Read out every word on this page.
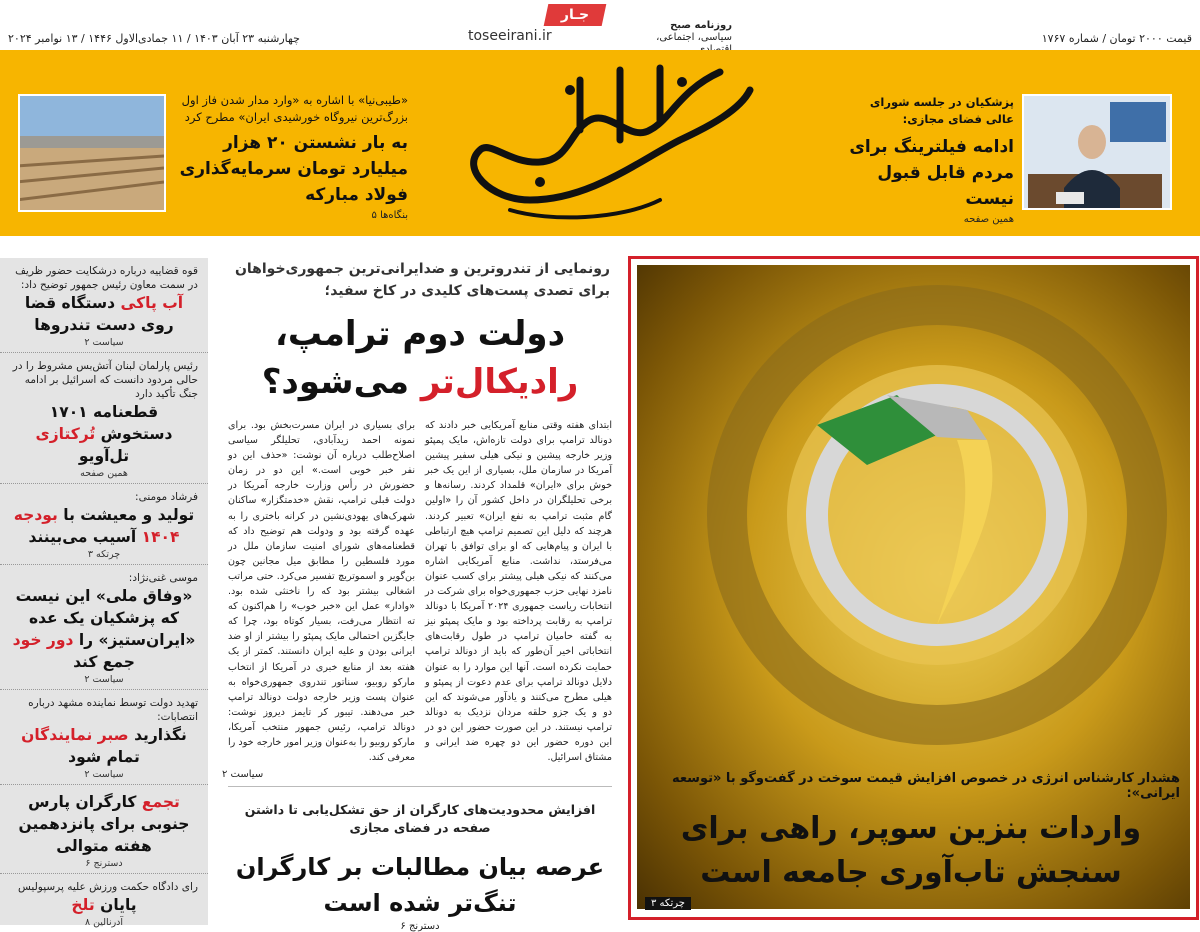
قیمت ۲۰۰۰ تومان / شماره ۱۷۶۷
چهارشنبه ۲۳ آبان ۱۴۰۳ / ۱۱ جمادی‌الاول ۱۴۴۶ / ۱۳ نوامبر ۲۰۲۴
جـار
toseeirani.ir
روزنامه صبح
سیاسی، اجتماعی،
پزشکیان در جلسه شورای عالی فضای مجازی:
ادامه فیلترینگ برای مردم قابل قبول نیست
همین صفحه
«طیبی‌نیا» با اشاره به «وارد مدار شدن فاز اول بزرگ‌ترین نیروگاه خورشیدی ایران» مطرح کرد
به بار نشستن ۲۰ هزار میلیارد تومان سرمایه‌گذاری فولاد مبارکه
بنگاه‌ها ۵
قوه قضاییه درباره درشکایت حضور ظریف در سمت معاون رئیس جمهور توضیح داد:
آب پاکی دستگاه قضا روی دست تندروها
سیاست ۲
رئیس پارلمان لبنان آتش‌بس مشروط را در حالی مردود دانست که اسرائیل بر ادامه جنگ تأکید دارد
قطعنامه ۱۷۰۱
دستخوش تُرکتازی تل‌آویو
همین صفحه
فرشاد مومنی:
تولید و معیشت با بودجه ۱۴۰۴ آسیب می‌بینند
چرتکه ۳
موسی غنی‌نژاد:
«وفاق ملی» این نیست که پزشکیان یک عده «ایران‌ستیز» را دور خود جمع کند
سیاست ۲
تهدید دولت توسط نماینده مشهد درباره انتصابات:
نگذارید صبر نمایندگان تمام شود
سیاست ۲
تجمع کارگران پارس جنوبی برای پانزدهمین هفته متوالی
دسترنج ۶
رای دادگاه حکمت ورزش علیه پرسپولیس
پایان تلخ
آدرنالین ۸
رونمایی از تندروترین و ضدایرانی‌ترین جمهوری‌خواهان برای تصدی پست‌های کلیدی در کاخ سفید؛
دولت دوم ترامپ،
رادیکال‌تر می‌شود؟

ابتدای هفته وقتی منابع آمریکایی خبر دادند که دونالد ترامپ برای دولت تازه‌اش، مایک پمپئو وزیر خارجه پیشین و نیکی هیلی سفیر پیشین آمریکا در سازمان ملل، بسیاری از این یک خبر خوش برای «ایران» قلمداد کردند. رسانه‌ها و برخی تحلیلگران در داخل کشور آن را «اولین گام مثبت ترامپ به نفع ایران» تعبیر کردند. هرچند که دلیل این تصمیم ترامپ هیچ ارتباطی با ایران و پیام‌هایی که او برای توافق با تهران می‌فرستد، نداشت. منابع آمریکایی اشاره می‌کنند که نیکی هیلی پیشتر برای کسب عنوان نامزد نهایی حزب جمهوری‌خواه برای شرکت در انتخابات ریاست جمهوری ۲۰۲۴ آمریکا با دونالد ترامپ به رقابت پرداخته بود و مایک پمپئو نیز به گفته حامیان ترامپ در طول رقابت‌های انتخاباتی اخیر آن‌طور که باید از دونالد ترامپ حمایت نکرده است. آنها این موارد را به عنوان دلایل دونالد ترامپ برای عدم دعوت از پمپئو و هیلی مطرح می‌کنند و یادآور می‌شوند که این دو و یک جزو حلقه مردان نزدیک به دونالد ترامپ نیستند. در این صورت حضور این دو در این دوره حضور این دو چهره ضد ایرانی و مشتاق اسرائیل.

برای بسیاری در ایران مسرت‌بخش بود. برای نمونه احمد زیدآبادی، تحلیلگر سیاسی اصلاح‌طلب درباره آن نوشت: «حذف این دو نفر خبر خوبی است.» این دو در زمان حضورش در رأس وزارت خارجه آمریکا در دولت قبلی ترامپ، نقش «خدمتگزار» ساکنان شهرک‌های یهودی‌نشین در کرانه باختری را به عهده گرفته بود و ودولت هم توضیح داد که قطعنامه‌های شورای امنیت سازمان ملل در مورد فلسطین را مطابق میل مجانین چون بن‌گویر و اسموتریچ تفسیر می‌کرد. حتی مراتب اشغالی بیشتر بود که را ناخنثی شده بود. «وادار» عمل این «خبر خوب» را هم‌اکنون که ته انتظار می‌رفت، بسیار کوتاه بود، چرا که جایگزین احتمالی مایک پمپئو را بیشتر از او ضد ایرانی بودن و علیه ایران دانستند. کمتر از یک هفته بعد از منابع خبری در آمریکا از انتخاب مارکو روبیو، سناتور تندروی جمهوری‌خواه به عنوان پست وزیر خارجه دولت دونالد ترامپ خبر می‌دهند. تیبور کر تایمز دیروز نوشت: دونالد ترامپ، رئیس جمهور منتخب آمریکا، مارکو روبیو را به‌عنوان وزیر امور خارجه خود را معرفی کند.

سیاست ۲
افزایش محدودیت‌های کارگران از حق تشکل‌یابی تا داشتن صفحه در فضای مجازی
عرصه بیان مطالبات بر کارگران تنگ‌تر شده است
دسترنج ۶
هشدار کارشناس انرژی در خصوص افزایش قیمت سوخت در گفت‌وگو با «توسعه ایرانی»:
واردات بنزین سوپر، راهی برای سنجش تاب‌آوری جامعه است
چرتکه ۳
